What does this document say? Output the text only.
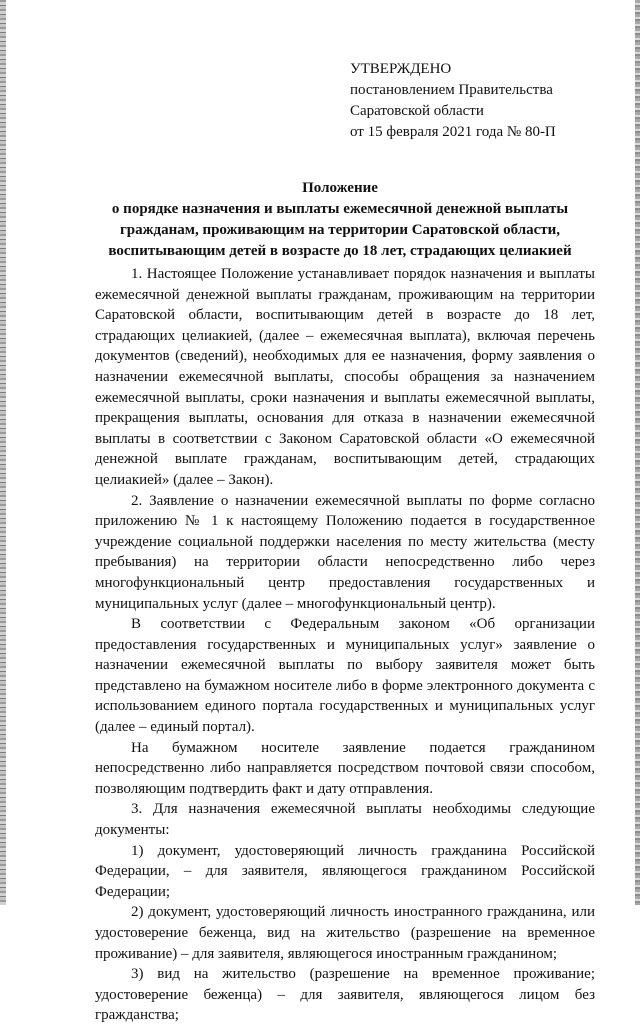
УТВЕРЖДЕНО
постановлением Правительства
Саратовской области
от 15 февраля 2021 года № 80-П
Положение
о порядке назначения и выплаты ежемесячной денежной выплаты
гражданам, проживающим на территории Саратовской области,
воспитывающим детей в возрасте до 18 лет, страдающих целиакией

1. Настоящее Положение устанавливает порядок назначения и выплаты ежемесячной денежной выплаты гражданам, проживающим на территории Саратовской области, воспитывающим детей в возрасте до 18 лет, страдающих целиакией, (далее – ежемесячная выплата), включая перечень документов (сведений), необходимых для ее назначения, форму заявления о назначении ежемесячной выплаты, способы обращения за назначением ежемесячной выплаты, сроки назначения и выплаты ежемесячной выплаты, прекращения выплаты, основания для отказа в назначении ежемесячной выплаты в соответствии с Законом Саратовской области «О ежемесячной денежной выплате гражданам, воспитывающим детей, страдающих целиакией» (далее – Закон).

2. Заявление о назначении ежемесячной выплаты по форме согласно приложению № 1 к настоящему Положению подается в государственное учреждение социальной поддержки населения по месту жительства (месту пребывания) на территории области непосредственно либо через многофункциональный центр предоставления государственных и муниципальных услуг (далее – многофункциональный центр).

В соответствии с Федеральным законом «Об организации предоставления государственных и муниципальных услуг» заявление о назначении ежемесячной выплаты по выбору заявителя может быть представлено на бумажном носителе либо в форме электронного документа с использованием единого портала государственных и муниципальных услуг (далее – единый портал).

На бумажном носителе заявление подается гражданином непосредственно либо направляется посредством почтовой связи способом, позволяющим подтвердить факт и дату отправления.

3. Для назначения ежемесячной выплаты необходимы следующие документы:

1) документ, удостоверяющий личность гражданина Российской Федерации, – для заявителя, являющегося гражданином Российской Федерации;

2) документ, удостоверяющий личность иностранного гражданина, или удостоверение беженца, вид на жительство (разрешение на временное проживание) – для заявителя, являющегося иностранным гражданином;

3) вид на жительство (разрешение на временное проживание; удостоверение беженца) – для заявителя, являющегося лицом без гражданства;
